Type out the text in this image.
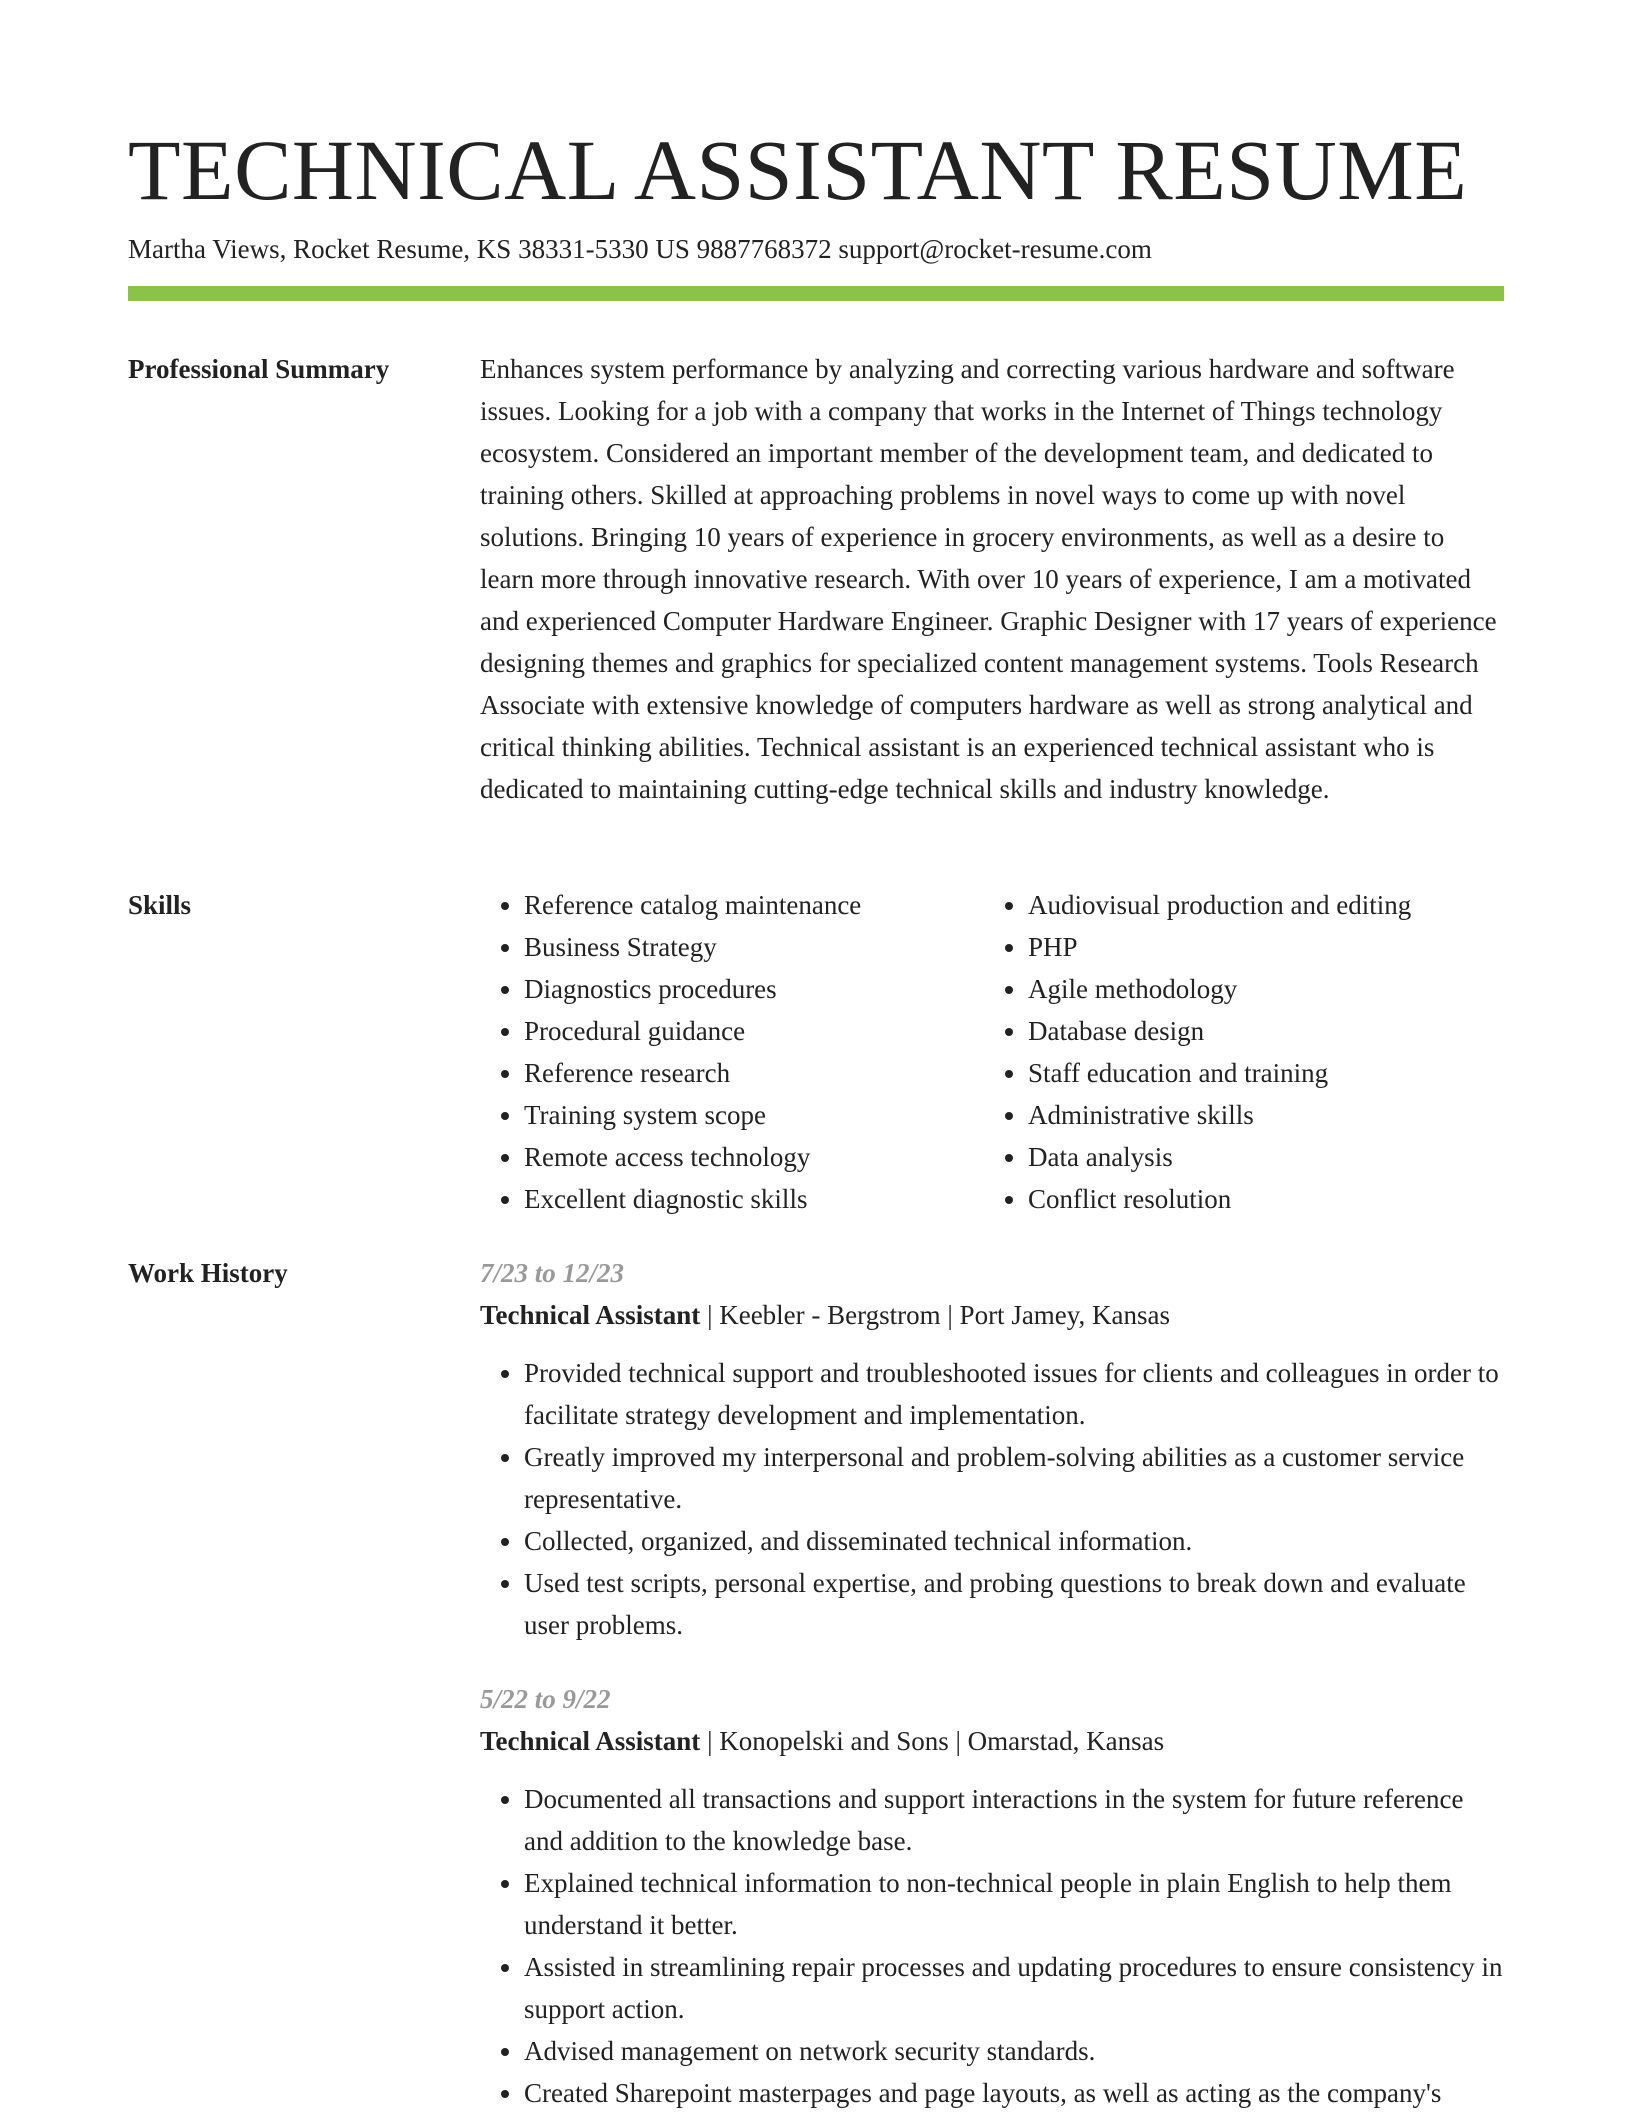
TECHNICAL ASSISTANT RESUME
Martha Views, Rocket Resume, KS 38331-5330 US 9887768372 support@rocket-resume.com
Professional Summary	Enhances system performance by analyzing and correcting various hardware and software issues. Looking for a job with a company that works in the Internet of Things technology ecosystem. Considered an important member of the development team, and dedicated to training others. Skilled at approaching problems in novel ways to come up with novel solutions. Bringing 10 years of experience in grocery environments, as well as a desire to learn more through innovative research. With over 10 years of experience, I am a motivated and experienced Computer Hardware Engineer. Graphic Designer with 17 years of experience designing themes and graphics for specialized content management systems. Tools Research Associate with extensive knowledge of computers hardware as well as strong analytical and critical thinking abilities. Technical assistant is an experienced technical assistant who is dedicated to maintaining cutting-edge technical skills and industry knowledge.

Skills
•	Reference catalog maintenance
• Business Strategy
• Diagnostics procedures
• Procedural guidance
• Reference research
• Training system scope
• Remote access technology
• Excellent diagnostic skills
• Audiovisual production and editing
• PHP
• Agile methodology
• Database design
• Staff education and training
• Administrative skills
• Data analysis
• Conflict resolution
Work History	7/23 to 12/23
Technical Assistant | Keebler - Bergstrom | Port Jamey, Kansas
• Provided technical support and troubleshooted issues for clients and colleagues in order to facilitate strategy development and implementation.
• Greatly improved my interpersonal and problem-solving abilities as a customer service representative.
• Collected, organized, and disseminated technical information.
• Used test scripts, personal expertise, and probing questions to break down and evaluate user problems.
5/22 to 9/22
Technical Assistant | Konopelski and Sons | Omarstad, Kansas
• Documented all transactions and support interactions in the system for future reference and addition to the knowledge base.
• Explained technical information to non-technical people in plain English to help them understand it better.
• Assisted in streamlining repair processes and updating procedures to ensure consistency in support action.
• Advised management on network security standards.
• Created Sharepoint masterpages and page layouts, as well as acting as the company's
